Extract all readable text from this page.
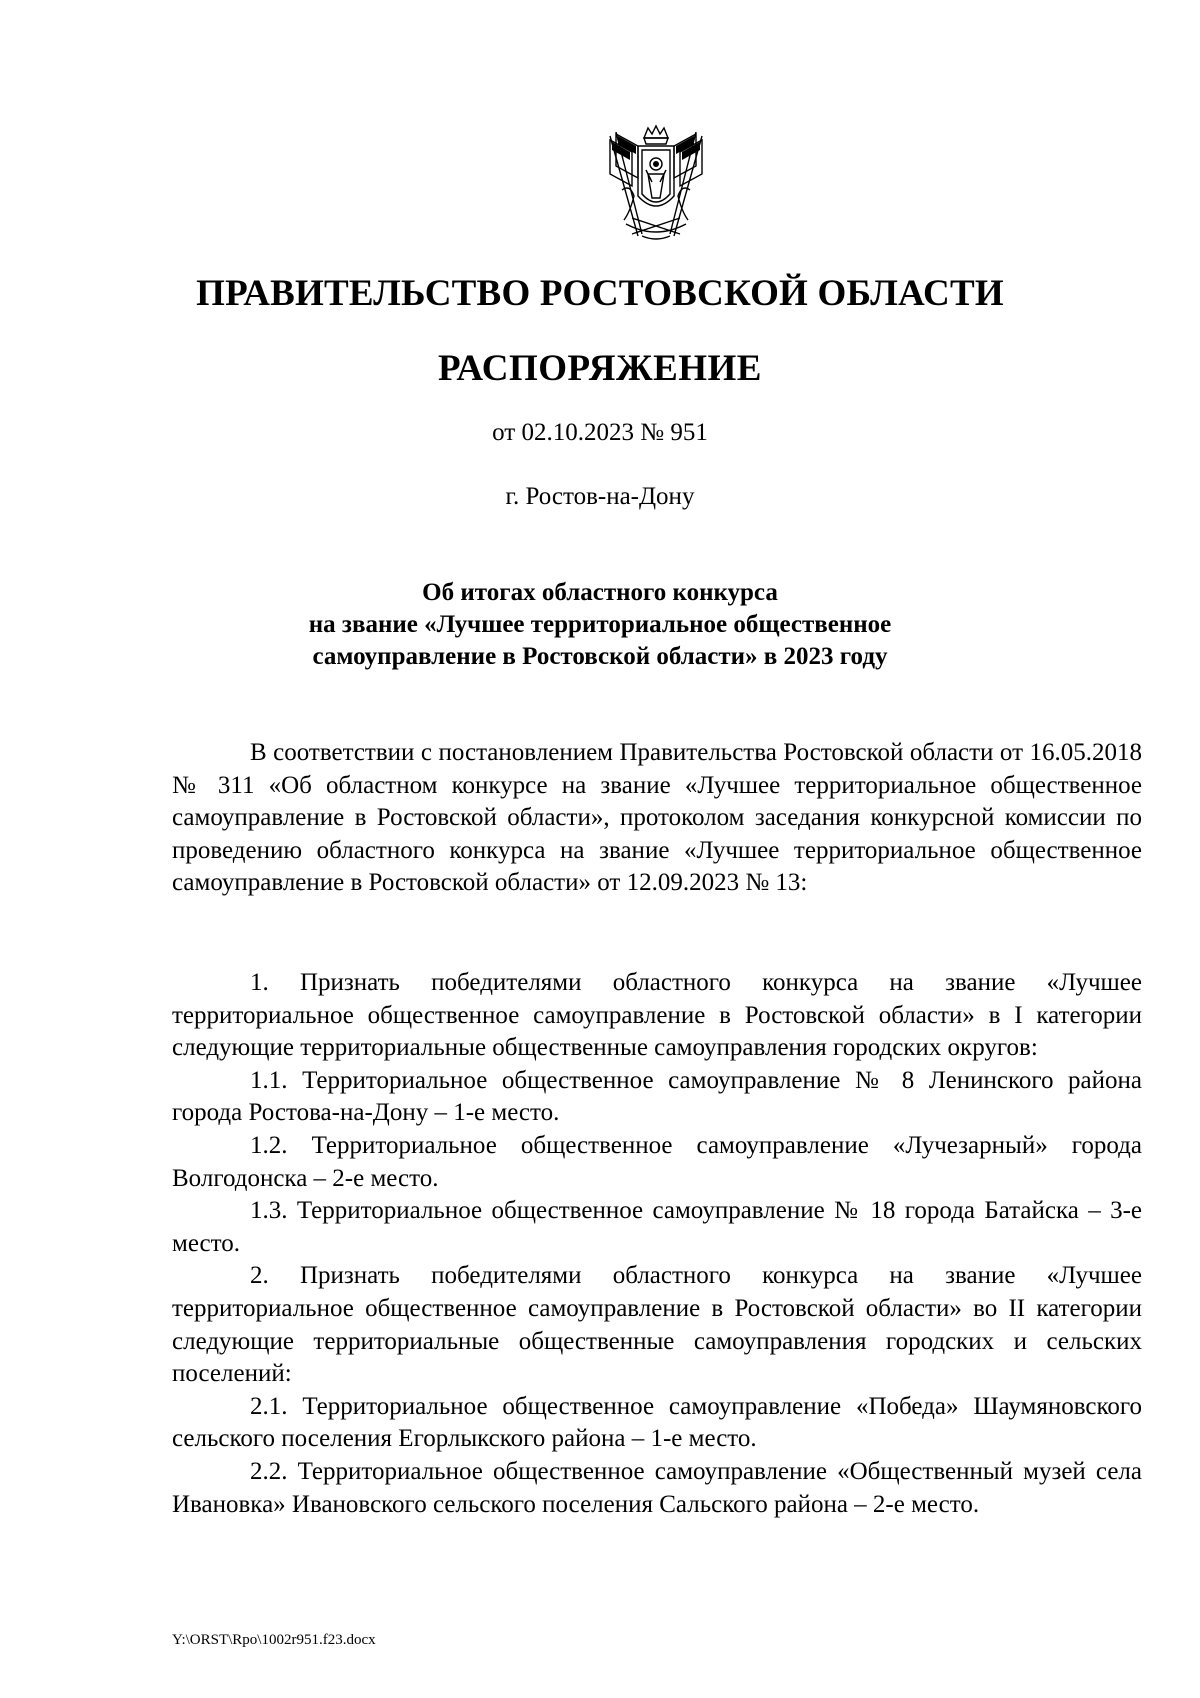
ПРАВИТЕЛЬСТВО РОСТОВСКОЙ ОБЛАСТИ
РАСПОРЯЖЕНИЕ
от 02.10.2023 № 951
г. Ростов-на-Дону
Об итогах областного конкурса
на звание «Лучшее территориальное общественное
самоуправление в Ростовской области» в 2023 году

В соответствии с постановлением Правительства Ростовской области от 16.05.2018 № 311 «Об областном конкурсе на звание «Лучшее территориальное общественное самоуправление в Ростовской области», протоколом заседания конкурсной комиссии по проведению областного конкурса на звание «Лучшее территориальное общественное самоуправление в Ростовской области» от 12.09.2023 № 13:

1. Признать победителями областного конкурса на звание «Лучшее территориальное общественное самоуправление в Ростовской области» в I категории следующие территориальные общественные самоуправления городских округов:

1.1. Территориальное общественное самоуправление № 8 Ленинского района города Ростова-на-Дону – 1-е место.

1.2. Территориальное общественное самоуправление «Лучезарный» города Волгодонска – 2-е место.

1.3. Территориальное общественное самоуправление № 18 города Батайска – 3-е место.

2. Признать победителями областного конкурса на звание «Лучшее территориальное общественное самоуправление в Ростовской области» во II категории следующие территориальные общественные самоуправления городских и сельских поселений:

2.1. Территориальное общественное самоуправление «Победа» Шаумяновского сельского поселения Егорлыкского района – 1-е место.

2.2. Территориальное общественное самоуправление «Общественный музей села Ивановка» Ивановского сельского поселения Сальского района – 2-е место.

Y:\ORST\Rpo\1002r951.f23.docx
